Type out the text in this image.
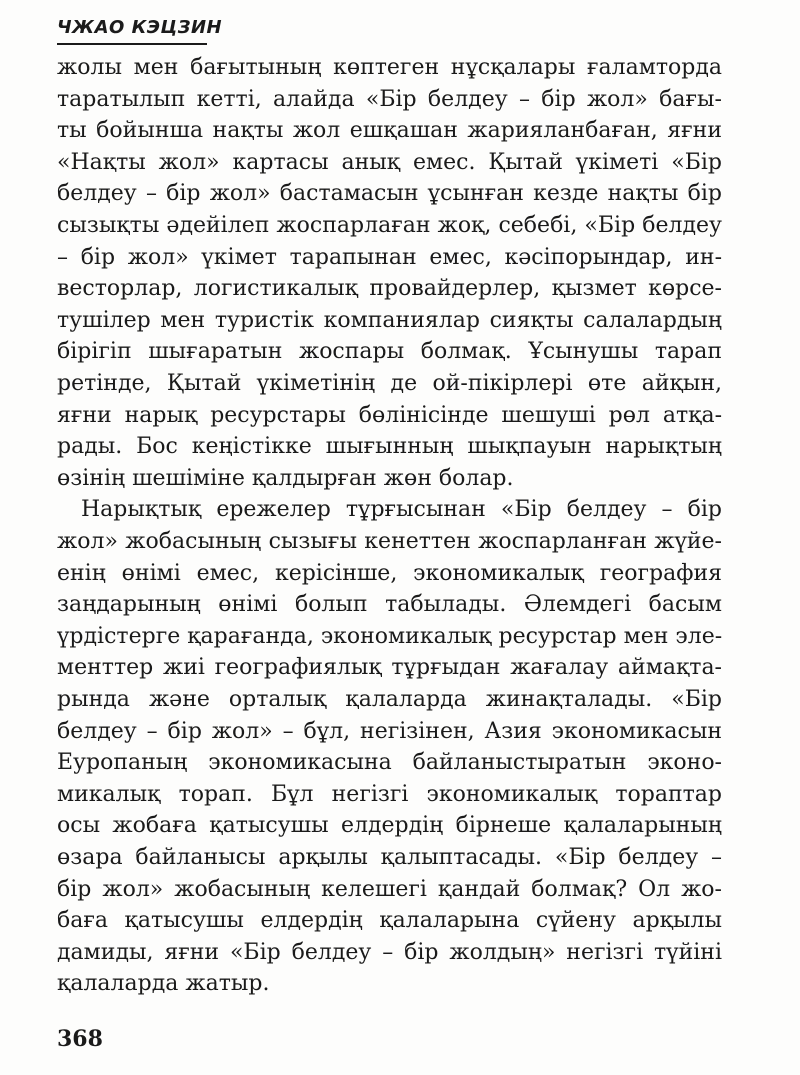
ЧЖАО КЭЦЗИН
жолы мен бағытының көптеген нұсқалары ғаламторда
таратылып кетті, алайда «Бір белдеу – бір жол» бағы-
ты бойынша нақты жол ешқашан жарияланбаған, яғни
«Нақты жол» картасы анық емес. Қытай үкіметі «Бір
белдеу – бір жол» бастамасын ұсынған кезде нақты бір
сызықты әдейілеп жоспарлаған жоқ, себебі, «Бір белдеу
– бір жол» үкімет тарапынан емес, кәсіпорындар, ин-
весторлар, логистикалық провайдерлер, қызмет көрсе-
тушілер мен туристік компаниялар сияқты салалардың
бірігіп шығаратын жоспары болмақ. Ұсынушы тарап
ретінде, Қытай үкіметінің де ой-пікірлері өте айқын,
яғни нарық ресурстары бөлінісінде шешуші рөл атқа-
рады. Бос кеңістікке шығынның шықпауын нарықтың
өзінің шешіміне қалдырған жөн болар.
Нарықтық ережелер тұрғысынан «Бір белдеу – бір
жол» жобасының сызығы кенеттен жоспарланған жүйе-
енің өнімі емес, керісінше, экономикалық география
заңдарының өнімі болып табылады. Әлемдегі басым
үрдістерге қарағанда, экономикалық ресурстар мен эле-
менттер жиі географиялық тұрғыдан жағалау аймақта-
рында және орталық қалаларда жинақталады. «Бір
белдеу – бір жол» – бұл, негізінен, Азия экономикасын
Еуропаның экономикасына байланыстыратын эконо-
микалық торап. Бұл негізгі экономикалық тораптар
осы жобаға қатысушы елдердің бірнеше қалаларының
өзара байланысы арқылы қалыптасады. «Бір белдеу –
бір жол» жобасының келешегі қандай болмақ? Ол жо-
баға қатысушы елдердің қалаларына сүйену арқылы
дамиды, яғни «Бір белдеу – бір жолдың» негізгі түйіні
қалаларда жатыр.
368
